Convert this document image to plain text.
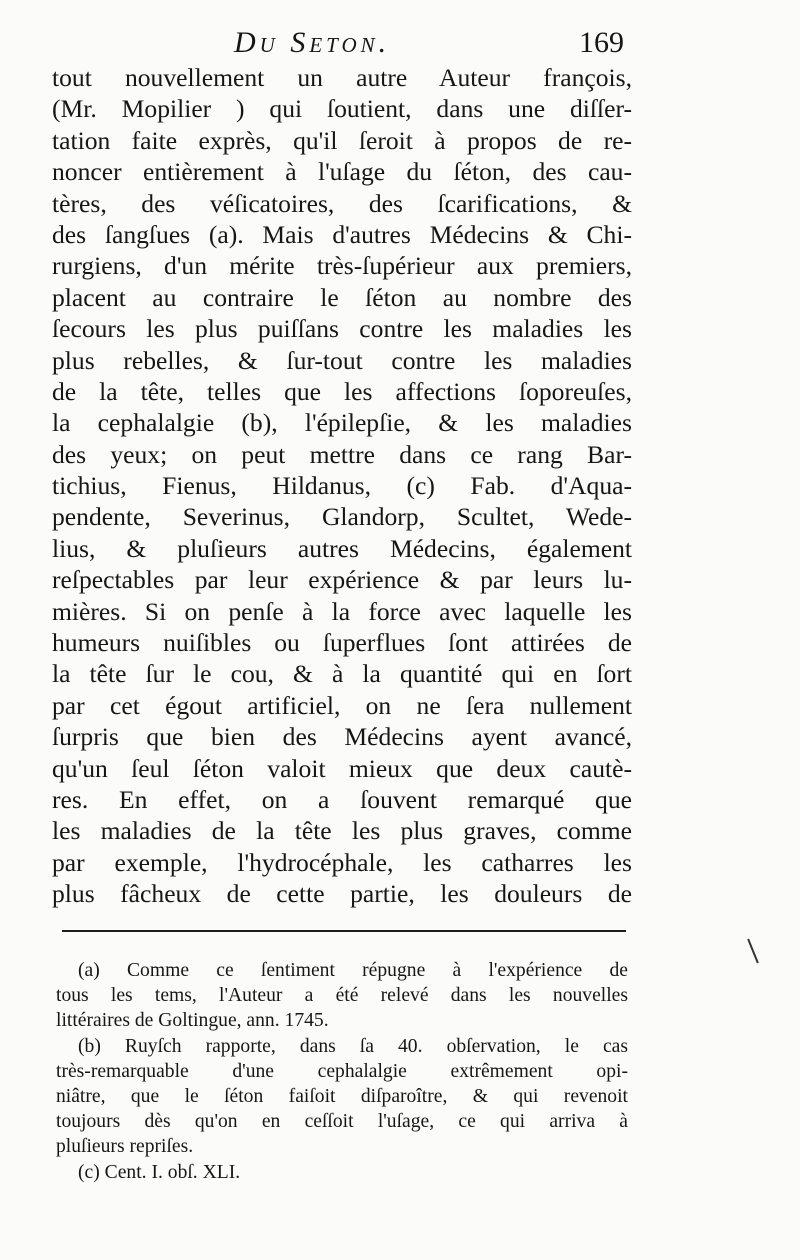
Du Seton.	169
tout nouvellement un autre Auteur françois,
(Mr. Mopilier ) qui ſoutient, dans une diſſer-
tation faite exprès, qu'il ſeroit à propos de re-
noncer entièrement à l'uſage du ſéton, des cau-
tères, des véſicatoires, des ſcarifications, &
des ſangſues (a). Mais d'autres Médecins & Chi-
rurgiens, d'un mérite très-ſupérieur aux premiers,
placent au contraire le ſéton au nombre des
ſecours les plus puiſſans contre les maladies les
plus rebelles, & ſur-tout contre les maladies
de la tête, telles que les affections ſoporeuſes,
la cephalalgie (b), l'épilepſie, & les maladies
des yeux; on peut mettre dans ce rang Bar-
tichius, Fienus, Hildanus, (c) Fab. d'Aqua-
pendente, Severinus, Glandorp, Scultet, Wede-
lius, & pluſieurs autres Médecins, également
reſpectables par leur expérience & par leurs lu-
mières. Si on penſe à la force avec laquelle les
humeurs nuiſibles ou ſuperflues ſont attirées de
la tête ſur le cou, & à la quantité qui en ſort
par cet égout artificiel, on ne ſera nullement
ſurpris que bien des Médecins ayent avancé,
qu'un ſeul ſéton valoit mieux que deux cautè-
res. En effet, on a ſouvent remarqué que
les maladies de la tête les plus graves, comme
par exemple, l'hydrocéphale, les catharres les
plus fâcheux de cette partie, les douleurs de
(a) Comme ce ſentiment répugne à l'expérience de
tous les tems, l'Auteur a été relevé dans les nouvelles
littéraires de Goltingue, ann. 1745.
(b) Ruyſch rapporte, dans ſa 40. obſervation, le cas
très-remarquable d'une cephalalgie extrêmement opi-
niâtre, que le ſéton faiſoit diſparoître, & qui revenoit
toujours dès qu'on en ceſſoit l'uſage, ce qui arriva à
pluſieurs repriſes.
(c) Cent. I. obſ. XLI.
